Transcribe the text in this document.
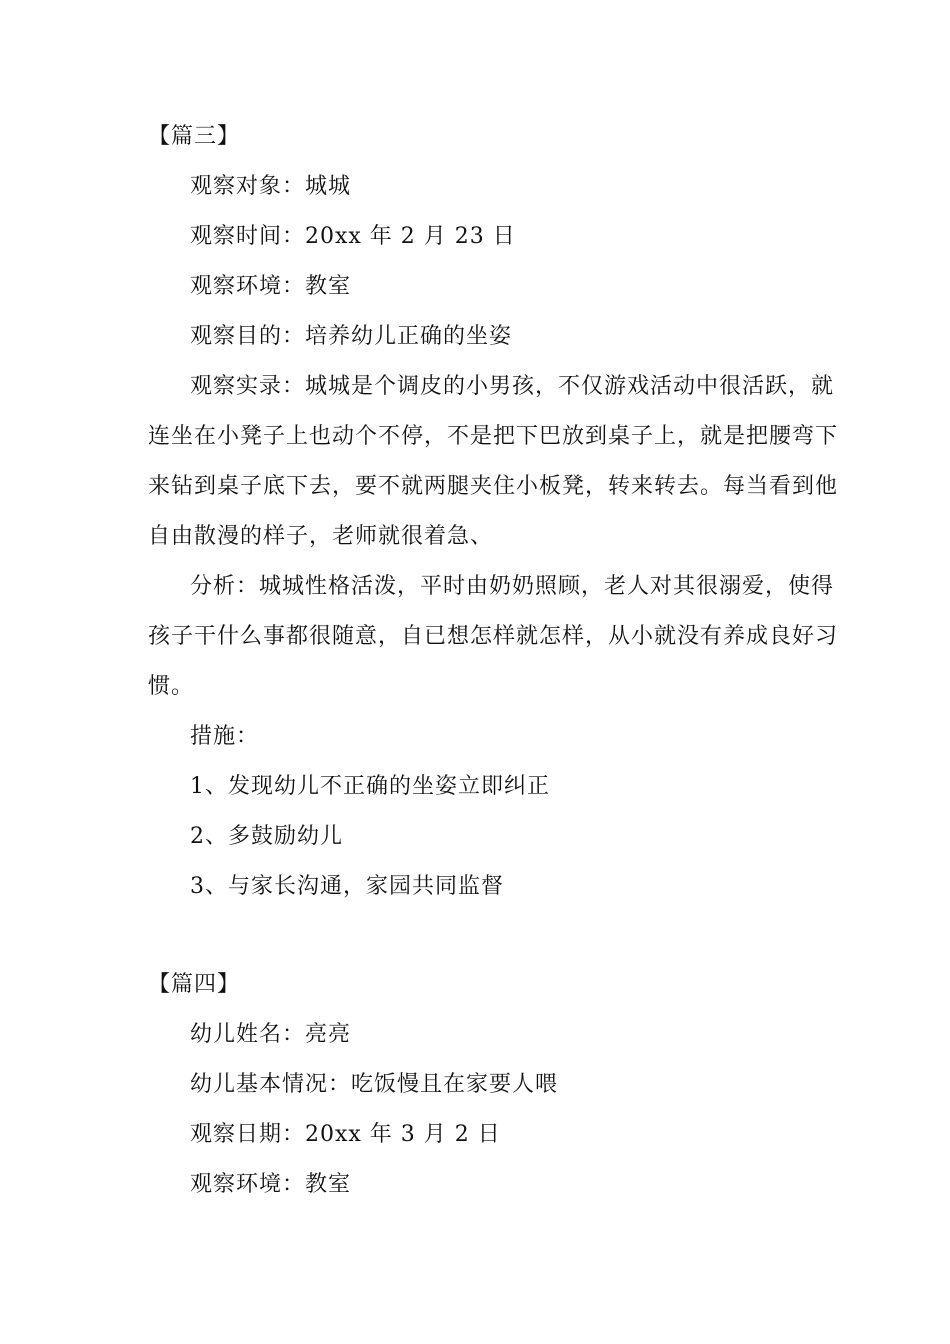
【篇三】
观察对象：城城
观察时间：20xx 年 2 月 23 日
观察环境：教室
观察目的：培养幼儿正确的坐姿
观察实录：城城是个调皮的小男孩，不仅游戏活动中很活跃，就
连坐在小凳子上也动个不停，不是把下巴放到桌子上，就是把腰弯下
来钻到桌子底下去，要不就两腿夹住小板凳，转来转去。每当看到他
自由散漫的样子，老师就很着急、
分析：城城性格活泼，平时由奶奶照顾，老人对其很溺爱，使得
孩子干什么事都很随意，自已想怎样就怎样，从小就没有养成良好习
惯。
措施：
1、发现幼儿不正确的坐姿立即纠正
2、多鼓励幼儿
3、与家长沟通，家园共同监督
【篇四】
幼儿姓名：亮亮
幼儿基本情况：吃饭慢且在家要人喂
观察日期：20xx 年 3 月 2 日
观察环境：教室
